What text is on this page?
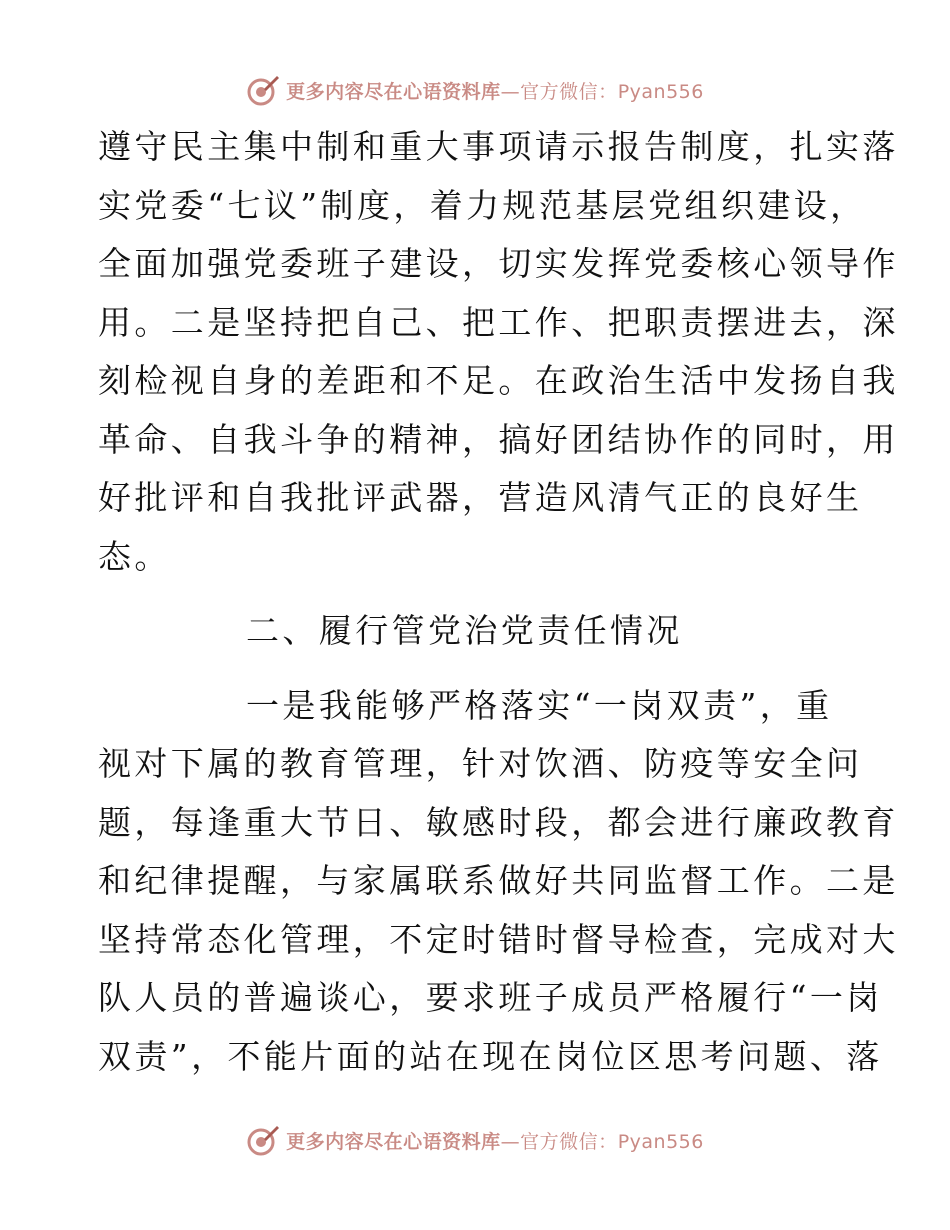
更多内容尽在心语资料库—官方微信：Pyan556
遵守民主集中制和重大事项请示报告制度，扎实落
实党委“七议”制度，着力规范基层党组织建设，
全面加强党委班子建设，切实发挥党委核心领导作
用。二是坚持把自己、把工作、把职责摆进去，深
刻检视自身的差距和不足。在政治生活中发扬自我
革命、自我斗争的精神，搞好团结协作的同时，用
好批评和自我批评武器，营造风清气正的良好生
态。
二、履行管党治党责任情况
一是我能够严格落实“一岗双责”，重
视对下属的教育管理，针对饮酒、防疫等安全问
题，每逢重大节日、敏感时段，都会进行廉政教育
和纪律提醒，与家属联系做好共同监督工作。二是
坚持常态化管理，不定时错时督导检查，完成对大
队人员的普遍谈心，要求班子成员严格履行“一岗
双责”，不能片面的站在现在岗位区思考问题、落
更多内容尽在心语资料库—官方微信：Pyan556
